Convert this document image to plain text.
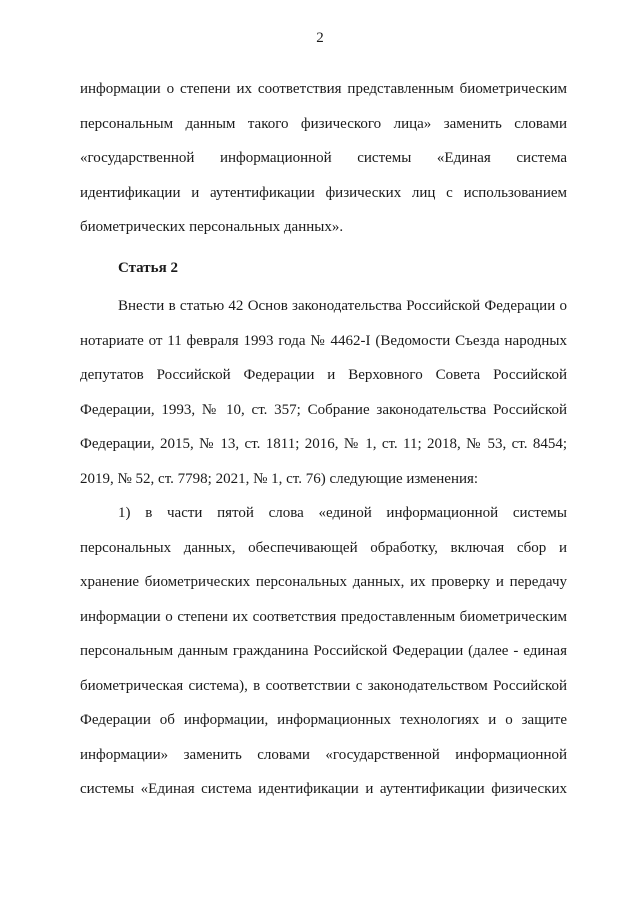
2
информации о степени их соответствия представленным биометрическим
персональным данным такого физического лица» заменить словами
«государственной информационной системы «Единая система
идентификации и аутентификации физических лиц с использованием
биометрических персональных данных».
Статья 2
Внести в статью 42 Основ законодательства Российской Федерации о
нотариате от 11 февраля 1993 года № 4462-I (Ведомости Съезда народных
депутатов Российской Федерации и Верховного Совета Российской
Федерации, 1993, № 10, ст. 357; Собрание законодательства Российской
Федерации, 2015, № 13, ст. 1811; 2016, № 1, ст. 11; 2018, № 53, ст. 8454;
2019, № 52, ст. 7798; 2021, № 1, ст. 76) следующие изменения:
1) в части пятой слова «единой информационной системы
персональных данных, обеспечивающей обработку, включая сбор и
хранение биометрических персональных данных, их проверку и передачу
информации о степени их соответствия предоставленным биометрическим
персональным данным гражданина Российской Федерации (далее - единая
биометрическая система), в соответствии с законодательством Российской
Федерации об информации, информационных технологиях и о защите
информации» заменить словами «государственной информационной
системы «Единая система идентификации и аутентификации физических
